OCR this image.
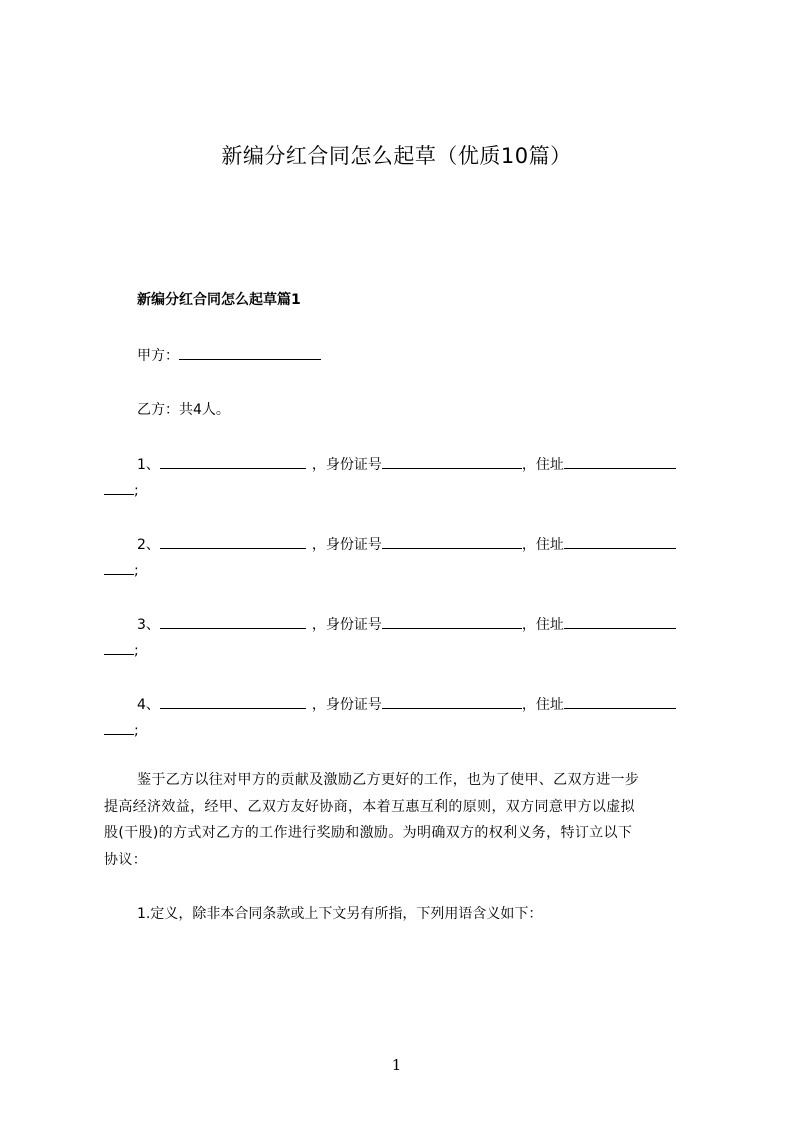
新编分红合同怎么起草（优质10篇）
新编分红合同怎么起草篇1
甲方：
乙方：共4人。
1、	，身份证号	，住址
;
2、	，身份证号	，住址
;
3、	，身份证号	，住址
;
4、	，身份证号	，住址
;
鉴于乙方以往对甲方的贡献及激励乙方更好的工作，也为了使甲、乙双方进一步
提高经济效益，经甲、乙双方友好协商，本着互惠互利的原则，双方同意甲方以虚拟
股(干股)的方式对乙方的工作进行奖励和激励。为明确双方的权利义务，特订立以下
协议：
1.定义，除非本合同条款或上下文另有所指，下列用语含义如下：
1
